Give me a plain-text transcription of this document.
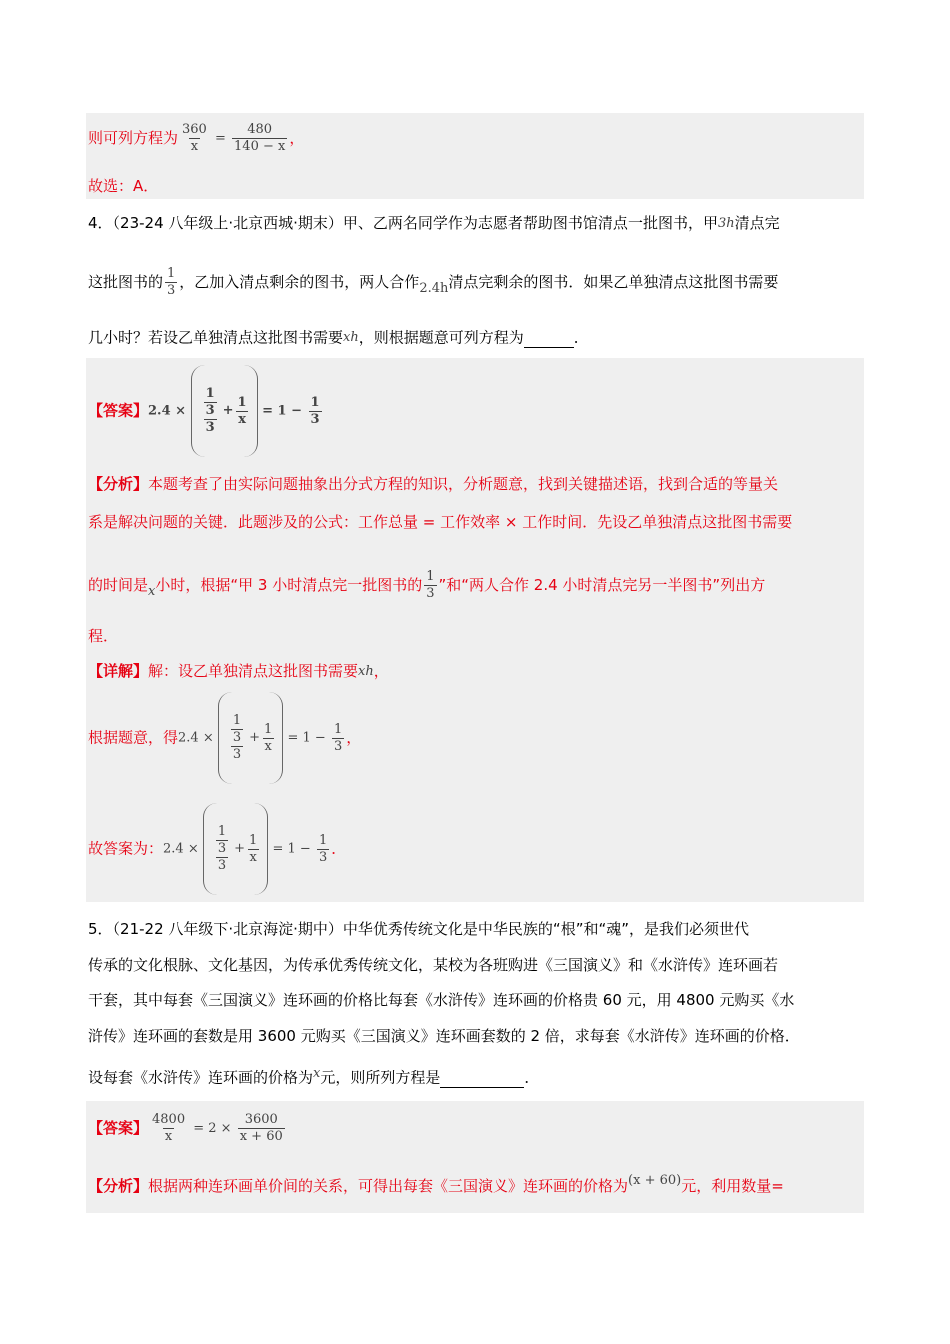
则可列方程为 $\frac{360}{x} = \frac{480}{140 - x}$ ，
故选：A．
4．（23-24 八年级上·北京西城·期末）甲、乙两名同学作为志愿者帮助图书馆清点一批图书，甲3h清点完
这批图书的 $\frac{1}{3}$ ，乙加入清点剩余的图书，两人合作2.4h清点完剩余的图书．如果乙单独清点这批图书需要
几小时？若设乙单独清点这批图书需要xh，则根据题意可列方程为	．
【答案】$2.4 \times \frac{\frac{1}{3}}{3} + \frac{1}{x} = 1 - \frac{1}{3}$
【分析】本题考查了由实际问题抽象出分式方程的知识，分析题意，找到关键描述语，找到合适的等量关
系是解决问题的关键．此题涉及的公式：工作总量 = 工作效率 × 工作时间．先设乙单独清点这批图书需要
的时间是x小时，根据“甲 3 小时清点完一批图书的 $\frac{1}{3}$ ”和“两人合作 2.4 小时清点完另一半图书”列出方
程．
【详解】解：设乙单独清点这批图书需要xh，
根据题意，得$2.4 \times \frac{\frac{1}{3}}{3} + \frac{1}{x} = 1 - \frac{1}{3}$ ，
故答案为：$2.4 \times \frac{\frac{1}{3}}{3} + \frac{1}{x} = 1 - \frac{1}{3}$ ．
5．（21-22 八年级下·北京海淀·期中）中华优秀传统文化是中华民族的“根”和“魂”，是我们必须世代
传承的文化根脉、文化基因，为传承优秀传统文化，某校为各班购进《三国演义》和《水浒传》连环画若
干套，其中每套《三国演义》连环画的价格比每套《水浒传》连环画的价格贵 60 元，用 4800 元购买《水
浒传》连环画的套数是用 3600 元购买《三国演义》连环画套数的 2 倍，求每套《水浒传》连环画的价格．
设每套《水浒传》连环画的价格为x元，则所列方程是	．
【答案】 $\frac{4800}{x} = 2 \times \frac{3600}{x + 60}$
【分析】根据两种连环画单价间的关系，可得出每套《三国演义》连环画的价格为(x + 60)元，利用数量=
